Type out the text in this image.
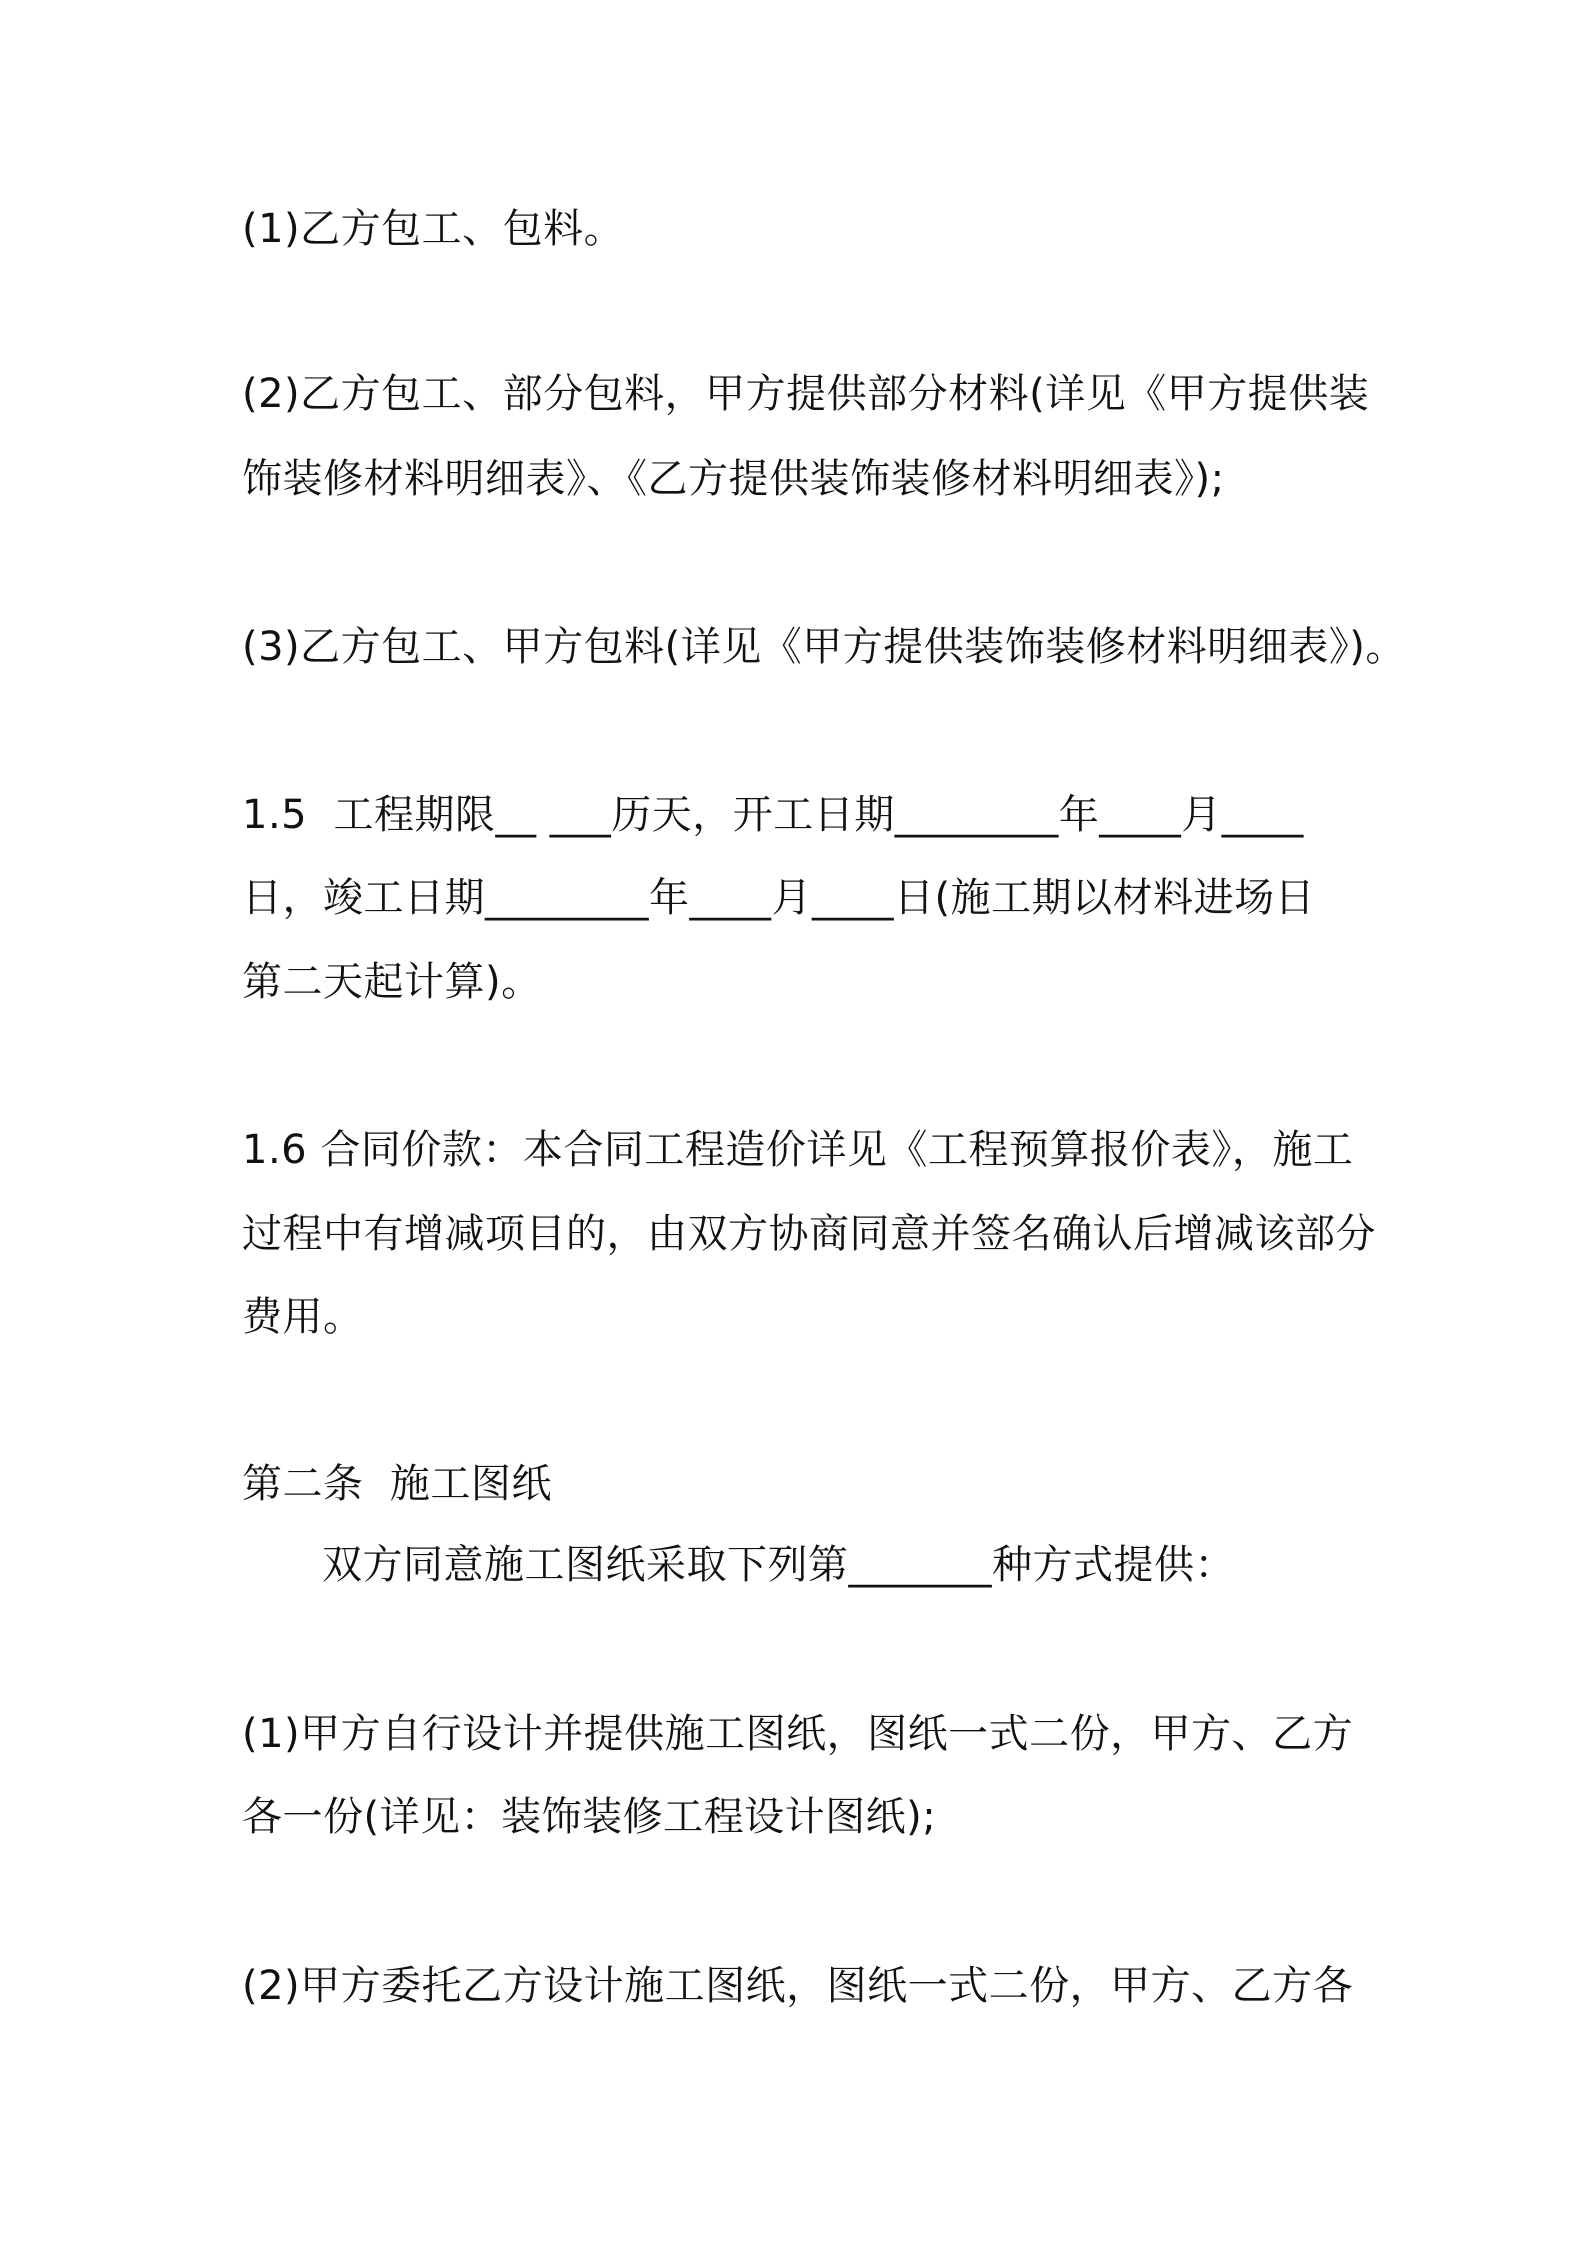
(1)乙方包工、包料。
(2)乙方包工、部分包料，甲方提供部分材料(详见《甲方提供装
饰装修材料明细表》、《乙方提供装饰装修材料明细表》);
(3)乙方包工、甲方包料(详见《甲方提供装饰装修材料明细表》)。
1.5  工程期限__ ___历天，开工日期________年____月____
日，竣工日期________年____月____日(施工期以材料进场日
第二天起计算)。
1.6 合同价款：本合同工程造价详见《工程预算报价表》，施工
过程中有增减项目的，由双方协商同意并签名确认后增减该部分
费用。
第二条  施工图纸
双方同意施工图纸采取下列第_______种方式提供：
(1)甲方自行设计并提供施工图纸，图纸一式二份，甲方、乙方
各一份(详见：装饰装修工程设计图纸);
(2)甲方委托乙方设计施工图纸，图纸一式二份，甲方、乙方各
